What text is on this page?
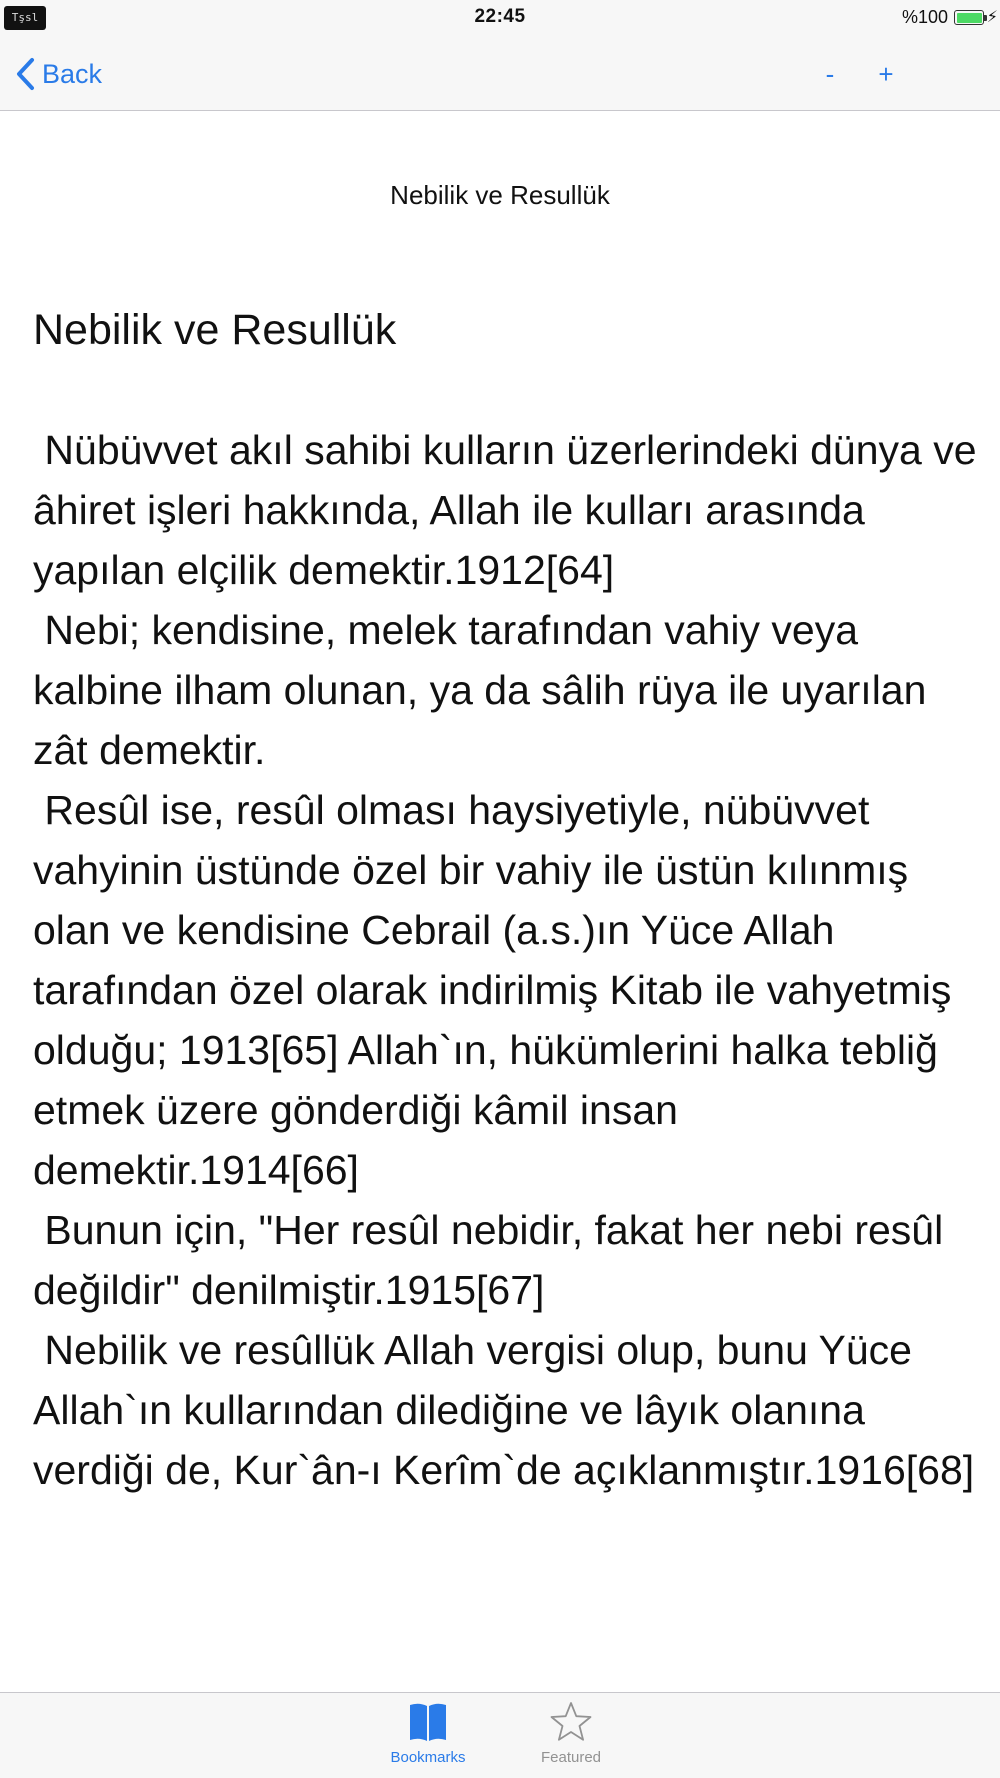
Tşsl	22:45	%100 ⚡︎
Back	-	+
Nebilik ve Resullük
Nebilik ve Resullük

Nübüvvet akıl sahibi kulların üzerlerindeki dünya ve âhiret işleri hakkında, Allah ile kulları arasında yapılan elçilik demektir.1912[64]

Nebi; kendisine, melek tarafından vahiy veya kalbine ilham olunan, ya da sâlih rüya ile uyarılan zât demektir.

Resûl ise, resûl olması haysiyetiyle, nübüvvet vahyinin üstünde özel bir vahiy ile üstün kılınmış olan ve kendisine Cebrail (a.s.)ın Yüce Allah tarafından özel olarak indirilmiş Kitab ile vahyetmiş olduğu; 1913[65] Allah`ın, hükümlerini halka tebliğ etmek üzere gönderdiği kâmil insan demektir.1914[66]

Bunun için, "Her resûl nebidir, fakat her nebi resûl değildir" denilmiştir.1915[67]

Nebilik ve resûllük Allah vergisi olup, bunu Yüce Allah`ın kullarından dilediğine ve lâyık olanına verdiği de, Kur`ân-ı Kerîm`de açıklanmıştır.1916[68]

Bookmarks	Featured
